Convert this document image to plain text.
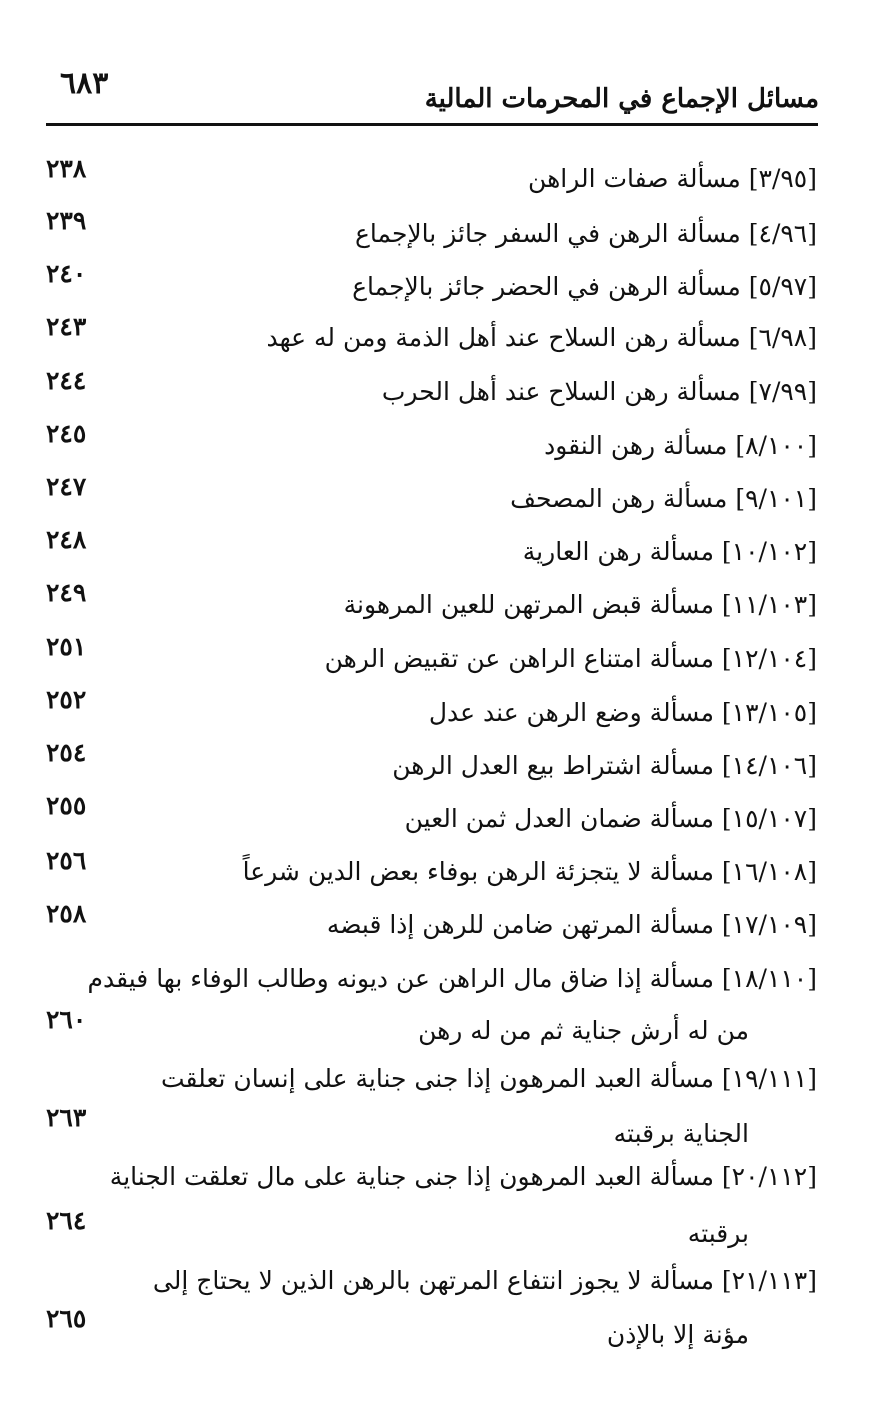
٦٨٣	مسائل الإجماع في المحرمات المالية
[٣/٩٥] مسألة صفات الراهن
٢٣٨
[٤/٩٦] مسألة الرهن في السفر جائز بالإجماع
٢٣٩
[٥/٩٧] مسألة الرهن في الحضر جائز بالإجماع
٢٤٠
[٦/٩٨] مسألة رهن السلاح عند أهل الذمة ومن له عهد
٢٤٣
[٧/٩٩] مسألة رهن السلاح عند أهل الحرب
٢٤٤
[٨/١٠٠] مسألة رهن النقود
٢٤٥
[٩/١٠١] مسألة رهن المصحف
٢٤٧
[١٠/١٠٢] مسألة رهن العارية
٢٤٨
[١١/١٠٣] مسألة قبض المرتهن للعين المرهونة
٢٤٩
[١٢/١٠٤] مسألة امتناع الراهن عن تقبيض الرهن
٢٥١
[١٣/١٠٥] مسألة وضع الرهن عند عدل
٢٥٢
[١٤/١٠٦] مسألة اشتراط بيع العدل الرهن
٢٥٤
[١٥/١٠٧] مسألة ضمان العدل ثمن العين
٢٥٥
[١٦/١٠٨] مسألة لا يتجزئة الرهن بوفاء بعض الدين شرعاً
٢٥٦
[١٧/١٠٩] مسألة المرتهن ضامن للرهن إذا قبضه
٢٥٨
[١٨/١١٠] مسألة إذا ضاق مال الراهن عن ديونه وطالب الوفاء بها فيقدم
من له أرش جناية ثم من له رهن
٢٦٠
[١٩/١١١] مسألة العبد المرهون إذا جنى جناية على إنسان تعلقت
الجناية برقبته
٢٦٣
[٢٠/١١٢] مسألة العبد المرهون إذا جنى جناية على مال تعلقت الجناية
برقبته
٢٦٤
[٢١/١١٣] مسألة لا يجوز انتفاع المرتهن بالرهن الذين لا يحتاج إلى
مؤنة إلا بالإذن
٢٦٥
